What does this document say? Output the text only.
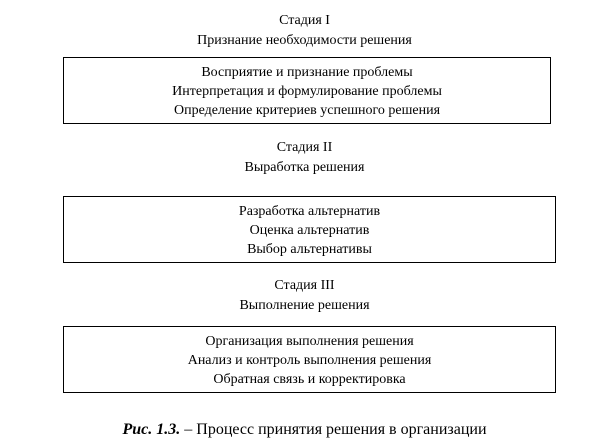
Стадия I
Признание необходимости решения
Восприятие и признание проблемы
Интерпретация и формулирование проблемы
Определение критериев успешного решения
Стадия II
Выработка решения
Разработка альтернатив
Оценка альтернатив
Выбор альтернативы
Стадия III
Выполнение решения
Организация выполнения решения
Анализ и контроль выполнения решения
Обратная связь и корректировка
Рис. 1.3. – Процесс принятия решения в организации
